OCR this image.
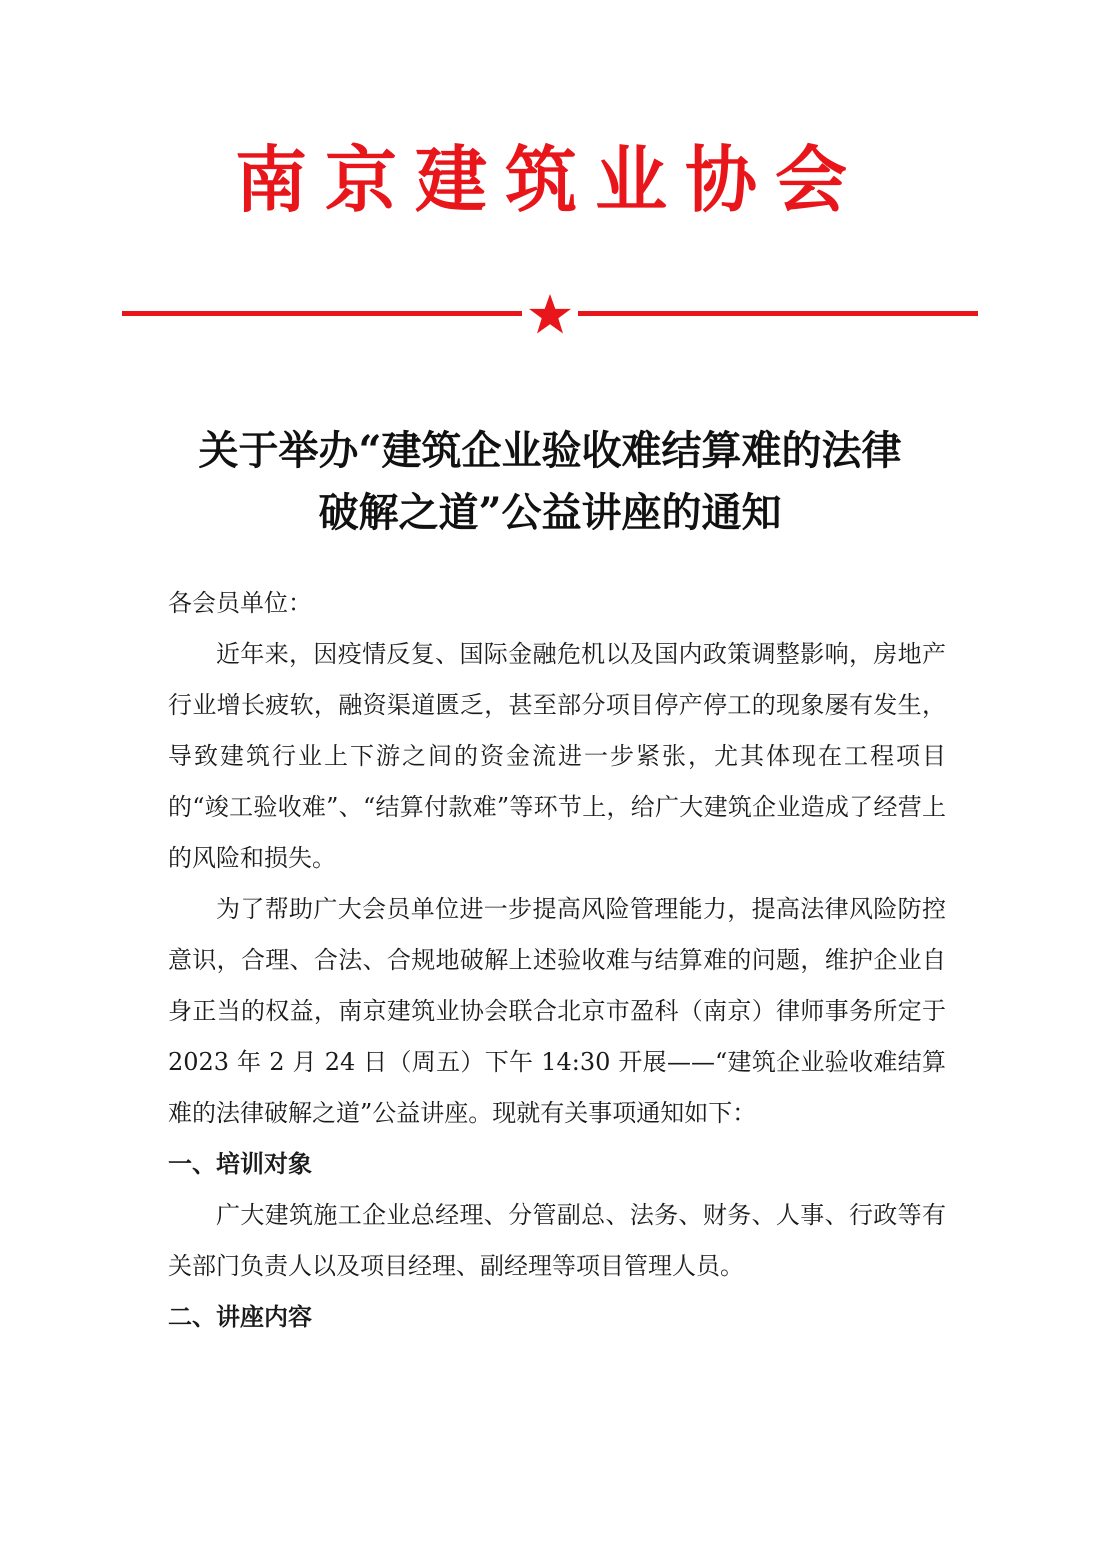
南京建筑业协会
关于举办“建筑企业验收难结算难的法律
破解之道”公益讲座的通知

各会员单位：

近年来，因疫情反复、国际金融危机以及国内政策调整影响，房地产行业增长疲软，融资渠道匮乏，甚至部分项目停产停工的现象屡有发生，导致建筑行业上下游之间的资金流进一步紧张，尤其体现在工程项目的“竣工验收难”、“结算付款难”等环节上，给广大建筑企业造成了经营上的风险和损失。

为了帮助广大会员单位进一步提高风险管理能力，提高法律风险防控意识，合理、合法、合规地破解上述验收难与结算难的问题，维护企业自身正当的权益，南京建筑业协会联合北京市盈科（南京）律师事务所定于 2023 年 2 月 24 日（周五）下午 14:30 开展——“建筑企业验收难结算难的法律破解之道”公益讲座。现就有关事项通知如下：

一、培训对象

广大建筑施工企业总经理、分管副总、法务、财务、人事、行政等有关部门负责人以及项目经理、副经理等项目管理人员。

二、讲座内容
